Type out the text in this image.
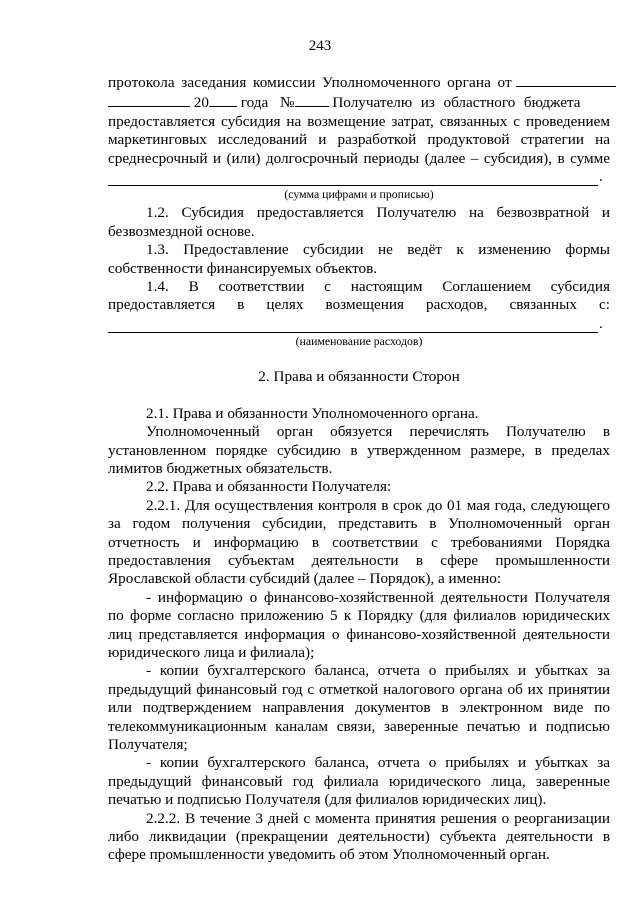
243

протокола заседания комиссии Уполномоченного органа от

20 года № Получателю из областного бюджета

предоставляется субсидия на возмещение затрат, связанных с проведением маркетинговых исследований и разработкой продуктовой стратегии на среднесрочный и (или) долгосрочный периоды (далее – субсидия), в сумме

.

(сумма цифрами и прописью)

1.2. Субсидия предоставляется Получателю на безвозвратной и безвозмездной основе.

1.3. Предоставление субсидии не ведёт к изменению формы собственности финансируемых объектов.

1.4. В соответствии с настоящим Соглашением субсидия предоставляется в целях возмещения расходов, связанных с:

.

(наименование расходов)

2. Права и обязанности Сторон

2.1. Права и обязанности Уполномоченного органа.

Уполномоченный орган обязуется перечислять Получателю в установленном порядке субсидию в утвержденном размере, в пределах лимитов бюджетных обязательств.

2.2. Права и обязанности Получателя:

2.2.1. Для осуществления контроля в срок до 01 мая года, следующего за годом получения субсидии, представить в Уполномоченный орган отчетность и информацию в соответствии с требованиями Порядка предоставления субъектам деятельности в сфере промышленности Ярославской области субсидий (далее – Порядок), а именно:

- информацию о финансово-хозяйственной деятельности Получателя по форме согласно приложению 5 к Порядку (для филиалов юридических лиц представляется информация о финансово-хозяйственной деятельности юридического лица и филиала);

- копии бухгалтерского баланса, отчета о прибылях и убытках за предыдущий финансовый год с отметкой налогового органа об их принятии или подтверждением направления документов в электронном виде по телекоммуникационным каналам связи, заверенные печатью и подписью Получателя;

- копии бухгалтерского баланса, отчета о прибылях и убытках за предыдущий финансовый год филиала юридического лица, заверенные печатью и подписью Получателя (для филиалов юридических лиц).

2.2.2. В течение 3 дней с момента принятия решения о реорганизации либо ликвидации (прекращении деятельности) субъекта деятельности в сфере промышленности уведомить об этом Уполномоченный орган.
